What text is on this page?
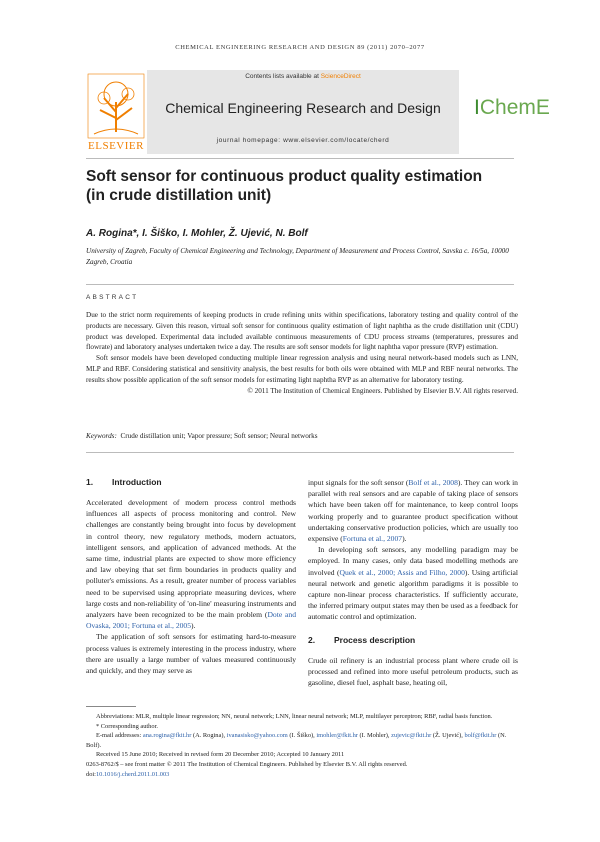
CHEMICAL ENGINEERING RESEARCH AND DESIGN 89 (2011) 2070–2077
ELSEVIER
Contents lists available at ScienceDirect
Chemical Engineering Research and Design
journal homepage: www.elsevier.com/locate/cherd
IChemE
Soft sensor for continuous product quality estimation
(in crude distillation unit)
A. Rogina*, I. Šiško, I. Mohler, Ž. Ujević, N. Bolf
University of Zagreb, Faculty of Chemical Engineering and Technology, Department of Measurement and Process Control, Savska c. 16/5a, 10000 Zagreb, Croatia
ABSTRACT

Due to the strict norm requirements of keeping products in crude refining units within specifications, laboratory testing and quality control of the products are necessary. Given this reason, virtual soft sensor for continuous quality estimation of light naphtha as the crude distillation unit (CDU) product was developed. Experimental data included available continuous measurements of CDU process streams (temperatures, pressures and flowrate) and laboratory analyses undertaken twice a day. The results are soft sensor models for light naphtha vapor pressure (RVP) estimation.

Soft sensor models have been developed conducting multiple linear regression analysis and using neural network-based models such as LNN, MLP and RBF. Considering statistical and sensitivity analysis, the best results for both oils were obtained with MLP and RBF neural networks. The results show possible application of the soft sensor models for estimating light naphtha RVP as an alternative for laboratory testing.

© 2011 The Institution of Chemical Engineers. Published by Elsevier B.V. All rights reserved.

Keywords: Crude distillation unit; Vapor pressure; Soft sensor; Neural networks
1. Introduction

Accelerated development of modern process control methods influences all aspects of process monitoring and control. New challenges are constantly being brought into focus by development in control theory, new regulatory methods, modern actuators, intelligent sensors, and application of advanced methods. At the same time, industrial plants are expected to show more efficiency and law obeying that set firm boundaries in products quality and polluter's emissions. As a result, greater number of process variables need to be supervised using appropriate measuring devices, where large costs and non-reliability of 'on-line' measuring instruments and analyzers have been recognized to be the main problem (Dote and Ovaska, 2001; Fortuna et al., 2005).

The application of soft sensors for estimating hard-to-measure process values is extremely interesting in the process industry, where there are usually a large number of values measured continuously and quickly, and they may serve as

input signals for the soft sensor (Bolf et al., 2008). They can work in parallel with real sensors and are capable of taking place of sensors which have been taken off for maintenance, to keep control loops working properly and to guarantee product specification without undertaking conservative production policies, which are usually too expensive (Fortuna et al., 2007).

In developing soft sensors, any modelling paradigm may be employed. In many cases, only data based modelling methods are involved (Quek et al., 2000; Assis and Filho, 2000). Using artificial neural network and genetic algorithm paradigms it is possible to capture non-linear process characteristics. If sufficiently accurate, the inferred primary output states may then be used as a feedback for automatic control and optimization.

2. Process description

Crude oil refinery is an industrial process plant where crude oil is processed and refined into more useful petroleum products, such as gasoline, diesel fuel, asphalt base, heating oil,

Abbreviations: MLR, multiple linear regression; NN, neural network; LNN, linear neural network; MLP, multilayer perceptron; RBF, radial basis function.

* Corresponding author.

E-mail addresses: ana.rogina@fkit.hr (A. Rogina), ivanasisko@yahoo.com (I. Šiško), imohler@fkit.hr (I. Mohler), zujevic@fkit.hr (Ž. Ujević), bolf@fkit.hr (N. Bolf).

Received 15 June 2010; Received in revised form 20 December 2010; Accepted 10 January 2011

0263-8762/$ – see front matter © 2011 The Institution of Chemical Engineers. Published by Elsevier B.V. All rights reserved.

doi:10.1016/j.cherd.2011.01.003
